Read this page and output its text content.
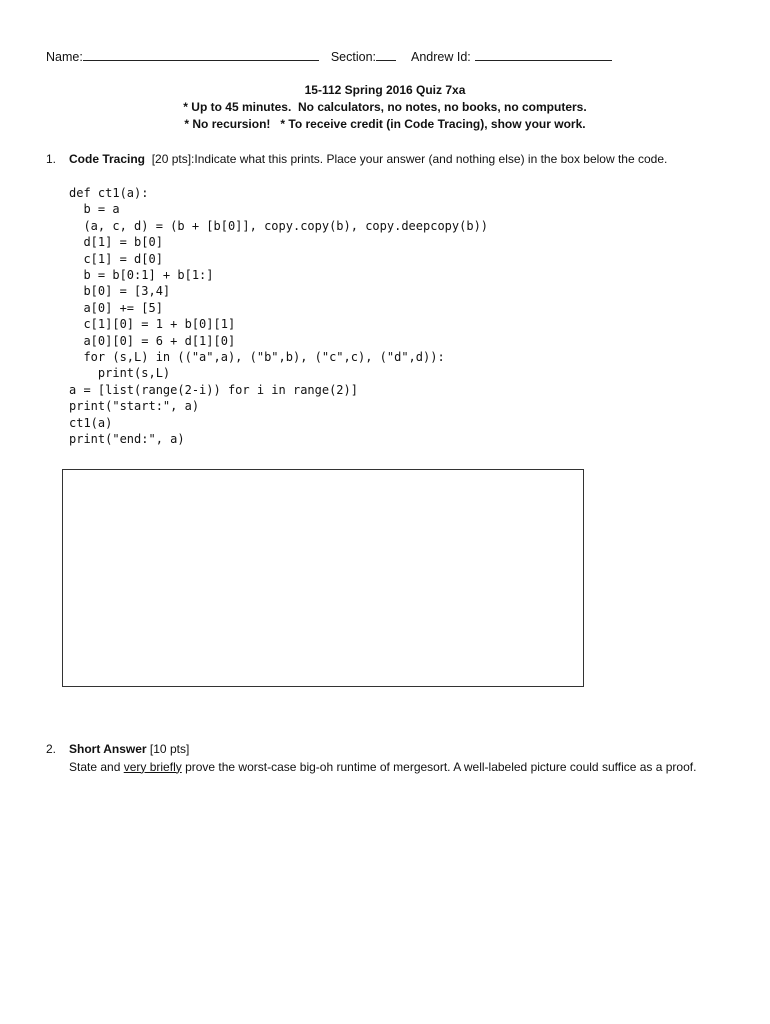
Name:	Section:	Andrew Id:
15-112 Spring 2016 Quiz 7xa
* Up to 45 minutes.  No calculators, no notes, no books, no computers.
* No recursion!   * To receive credit (in Code Tracing), show your work.
1. Code Tracing [20 pts]:Indicate what this prints. Place your answer (and nothing else) in the box below the code.
def ct1(a):
b = a
(a, c, d) = (b + [b[0]], copy.copy(b), copy.deepcopy(b))
d[1] = b[0]
c[1] = d[0]
b = b[0:1] + b[1:]
b[0] = [3,4]
a[0] += [5]
c[1][0] = 1 + b[0][1]
a[0][0] = 6 + d[1][0]
for (s,L) in (("a",a), ("b",b), ("c",c), ("d",d)):
print(s,L)
a = [list(range(2-i)) for i in range(2)]
print("start:", a)
ct1(a)
print("end:", a)
2. Short Answer [10 pts]
State and very briefly prove the worst-case big-oh runtime of mergesort. A well-labeled picture could suffice as a proof.
